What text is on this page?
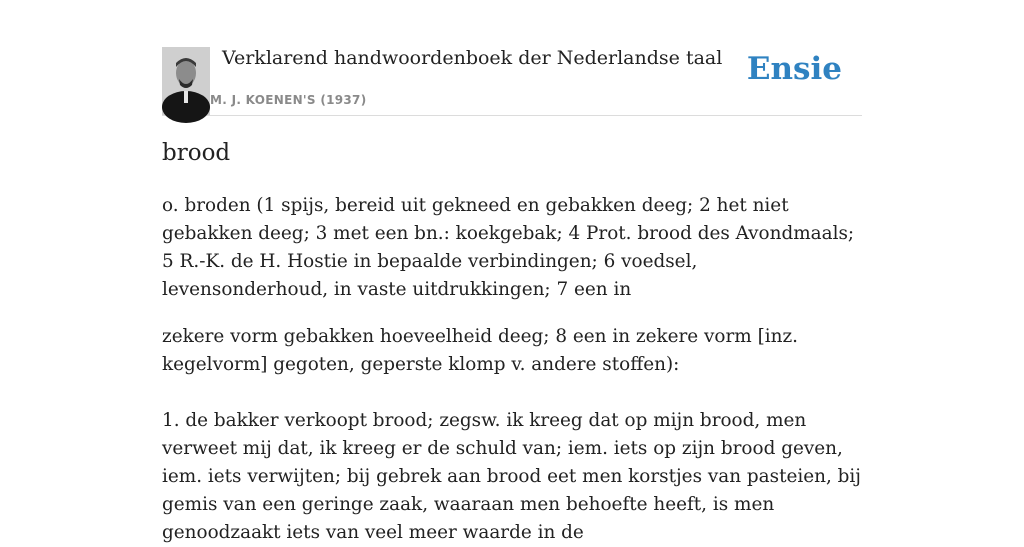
Verklarend handwoordenboek der Nederlandse taal
M. J. KOENEN'S (1937)
Ensie
brood

o. broden (1 spijs, bereid uit gekneed en gebakken deeg; 2 het niet gebakken deeg; 3 met een bn.: koekgebak; 4 Prot. brood des Avondmaals; 5 R.-K. de H. Hostie in bepaalde verbindingen; 6 voedsel, levensonderhoud, in vaste uitdrukkingen; 7 een in

zekere vorm gebakken hoeveelheid deeg; 8 een in zekere vorm [inz. kegelvorm] gegoten, geperste klomp v. andere stoffen):

1. de bakker verkoopt brood; zegsw. ik kreeg dat op mijn brood, men verweet mij dat, ik kreeg er de schuld van; iem. iets op zijn brood geven, iem. iets verwijten; bij gebrek aan brood eet men korstjes van pasteien, bij gemis van een geringe zaak, waaraan men behoefte heeft, is men genoodzaakt iets van veel meer waarde in de
